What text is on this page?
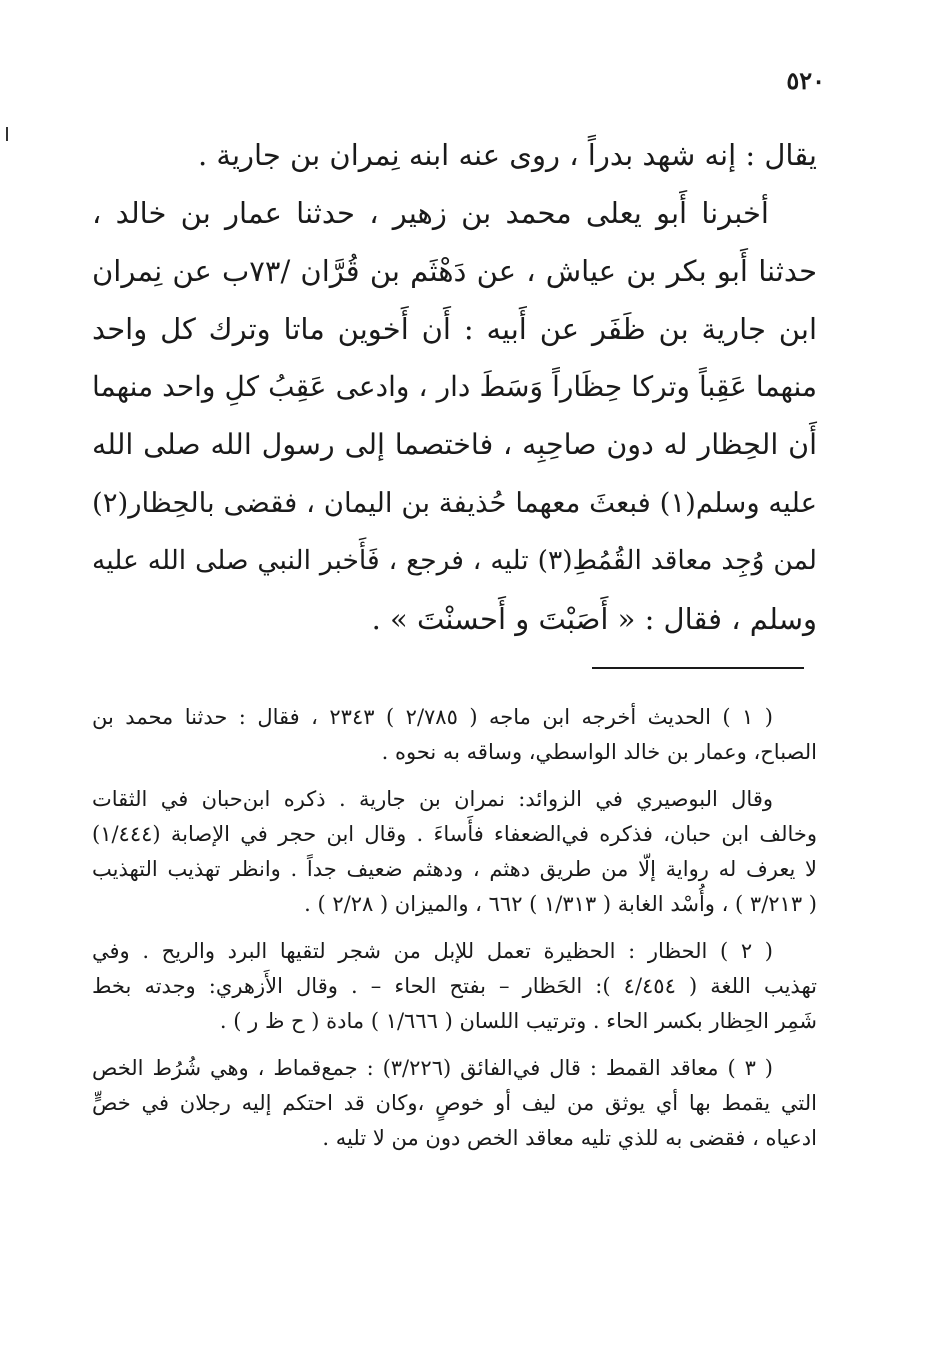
٥٢٠
يقال : إنه شهد بدراً ، روى عنه ابنه نِمران بن جارية .
أخبرنا أَبو يعلى محمد بن زهير ، حدثنا عمار بن خالد ،
حدثنا أَبو بكر بن عياش ، عن دَهْثَم بن قُرَّان /٧٣ب عن نِمران
ابن جارية بن ظَفَر عن أَبيه : أَن أَخوين ماتا وترك كل واحد
منهما عَقِباً وتركا حِظَاراً وَسَطَ دار ، وادعى عَقِبُ كلِ واحد منهما
أَن الحِظار له دون صاحِبِه ، فاختصما إلى رسول الله صلى الله
عليه وسلم(١) فبعثَ معهما حُذيفة بن اليمان ، فقضى بالحِظار(٢)
لمن وُجِد معاقد القُمُطِ(٣) تليه ، فرجع ، فَأَخبر النبي صلى الله عليه
وسلم ، فقال : « أَصَبْتَ و أَحسنْتَ » .
( ١ ) الحديث أخرجه ابن ماجه ( ٢/٧٨٥ ) ٢٣٤٣ ، فقال : حدثنا محمد بن
الصباح، وعمار بن خالد الواسطي، وساقه به نحوه .
وقال البوصيري في الزوائد: نمران بن جارية . ذكره ابن‌حبان في الثقات
وخالف ابن حبان، فذكره في‌الضعفاء فأَساءَ . وقال ابن حجر في الإصابة (١/٤٤٤)
لا يعرف له رواية إلّا من طريق دهثم ، ودهثم ضعيف جداً . وانظر تهذيب التهذيب
( ٣/٢١٣ ) ، وأُسْد الغابة ( ١/٣١٣ ) ٦٦٢ ، والميزان ( ٢/٢٨ ) .
( ٢ ) الحظار : الحظيرة تعمل للإبل من شجر لتقيها البرد والريح . وفي
تهذيب اللغة ( ٤/٤٥٤ ): الحَظار – بفتح الحاء – . وقال الأَزهري: وجدته بخط
شَمِر الحِظار بكسر الحاء . وترتيب اللسان ( ١/٦٦٦ ) مادة ( ح ظ ر ) .
( ٣ ) معاقد القمط : قال في‌الفائق (٣/٢٢٦) : جمع‌قماط ، وهي شُرُط الخص
التي يقمط بها أي يوثق من ليف أو خوصٍ ،وكان قد احتكم إليه رجلان في خصٍّ
ادعياه ، فقضى به للذي تليه معاقد الخص دون من لا تليه .
